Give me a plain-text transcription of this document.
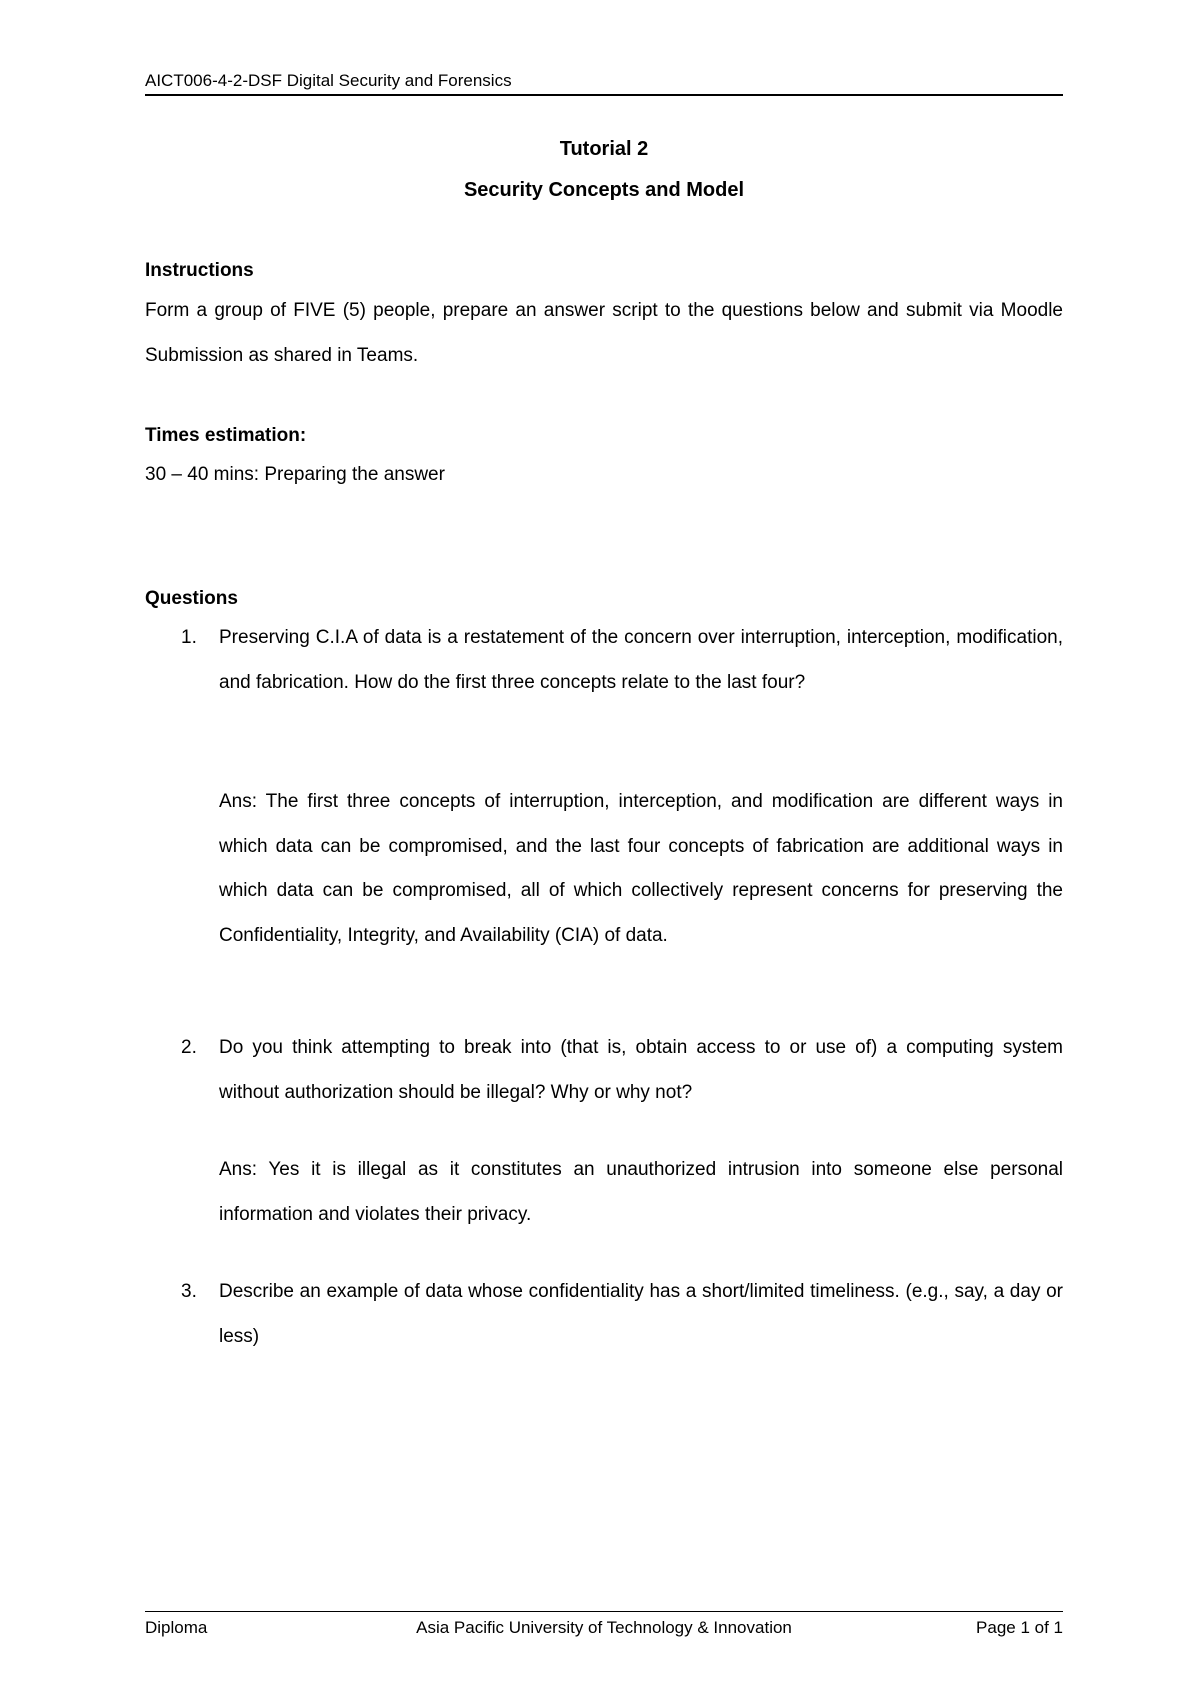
AICT006-4-2-DSF Digital Security and Forensics
Tutorial 2
Security Concepts and Model
Instructions
Form a group of FIVE (5) people, prepare an answer script to the questions below and submit via Moodle Submission as shared in Teams.
Times estimation:
30 – 40 mins: Preparing the answer
Questions
1. Preserving C.I.A of data is a restatement of the concern over interruption, interception, modification, and fabrication. How do the first three concepts relate to the last four?
Ans: The first three concepts of interruption, interception, and modification are different ways in which data can be compromised, and the last four concepts of fabrication are additional ways in which data can be compromised, all of which collectively represent concerns for preserving the Confidentiality, Integrity, and Availability (CIA) of data.
2. Do you think attempting to break into (that is, obtain access to or use of) a computing system without authorization should be illegal? Why or why not?
Ans: Yes it is illegal as it constitutes an unauthorized intrusion into someone else personal information and violates their privacy.
3. Describe an example of data whose confidentiality has a short/limited timeliness. (e.g., say, a day or less)
Diploma	Asia Pacific University of Technology & Innovation	Page 1 of 1
